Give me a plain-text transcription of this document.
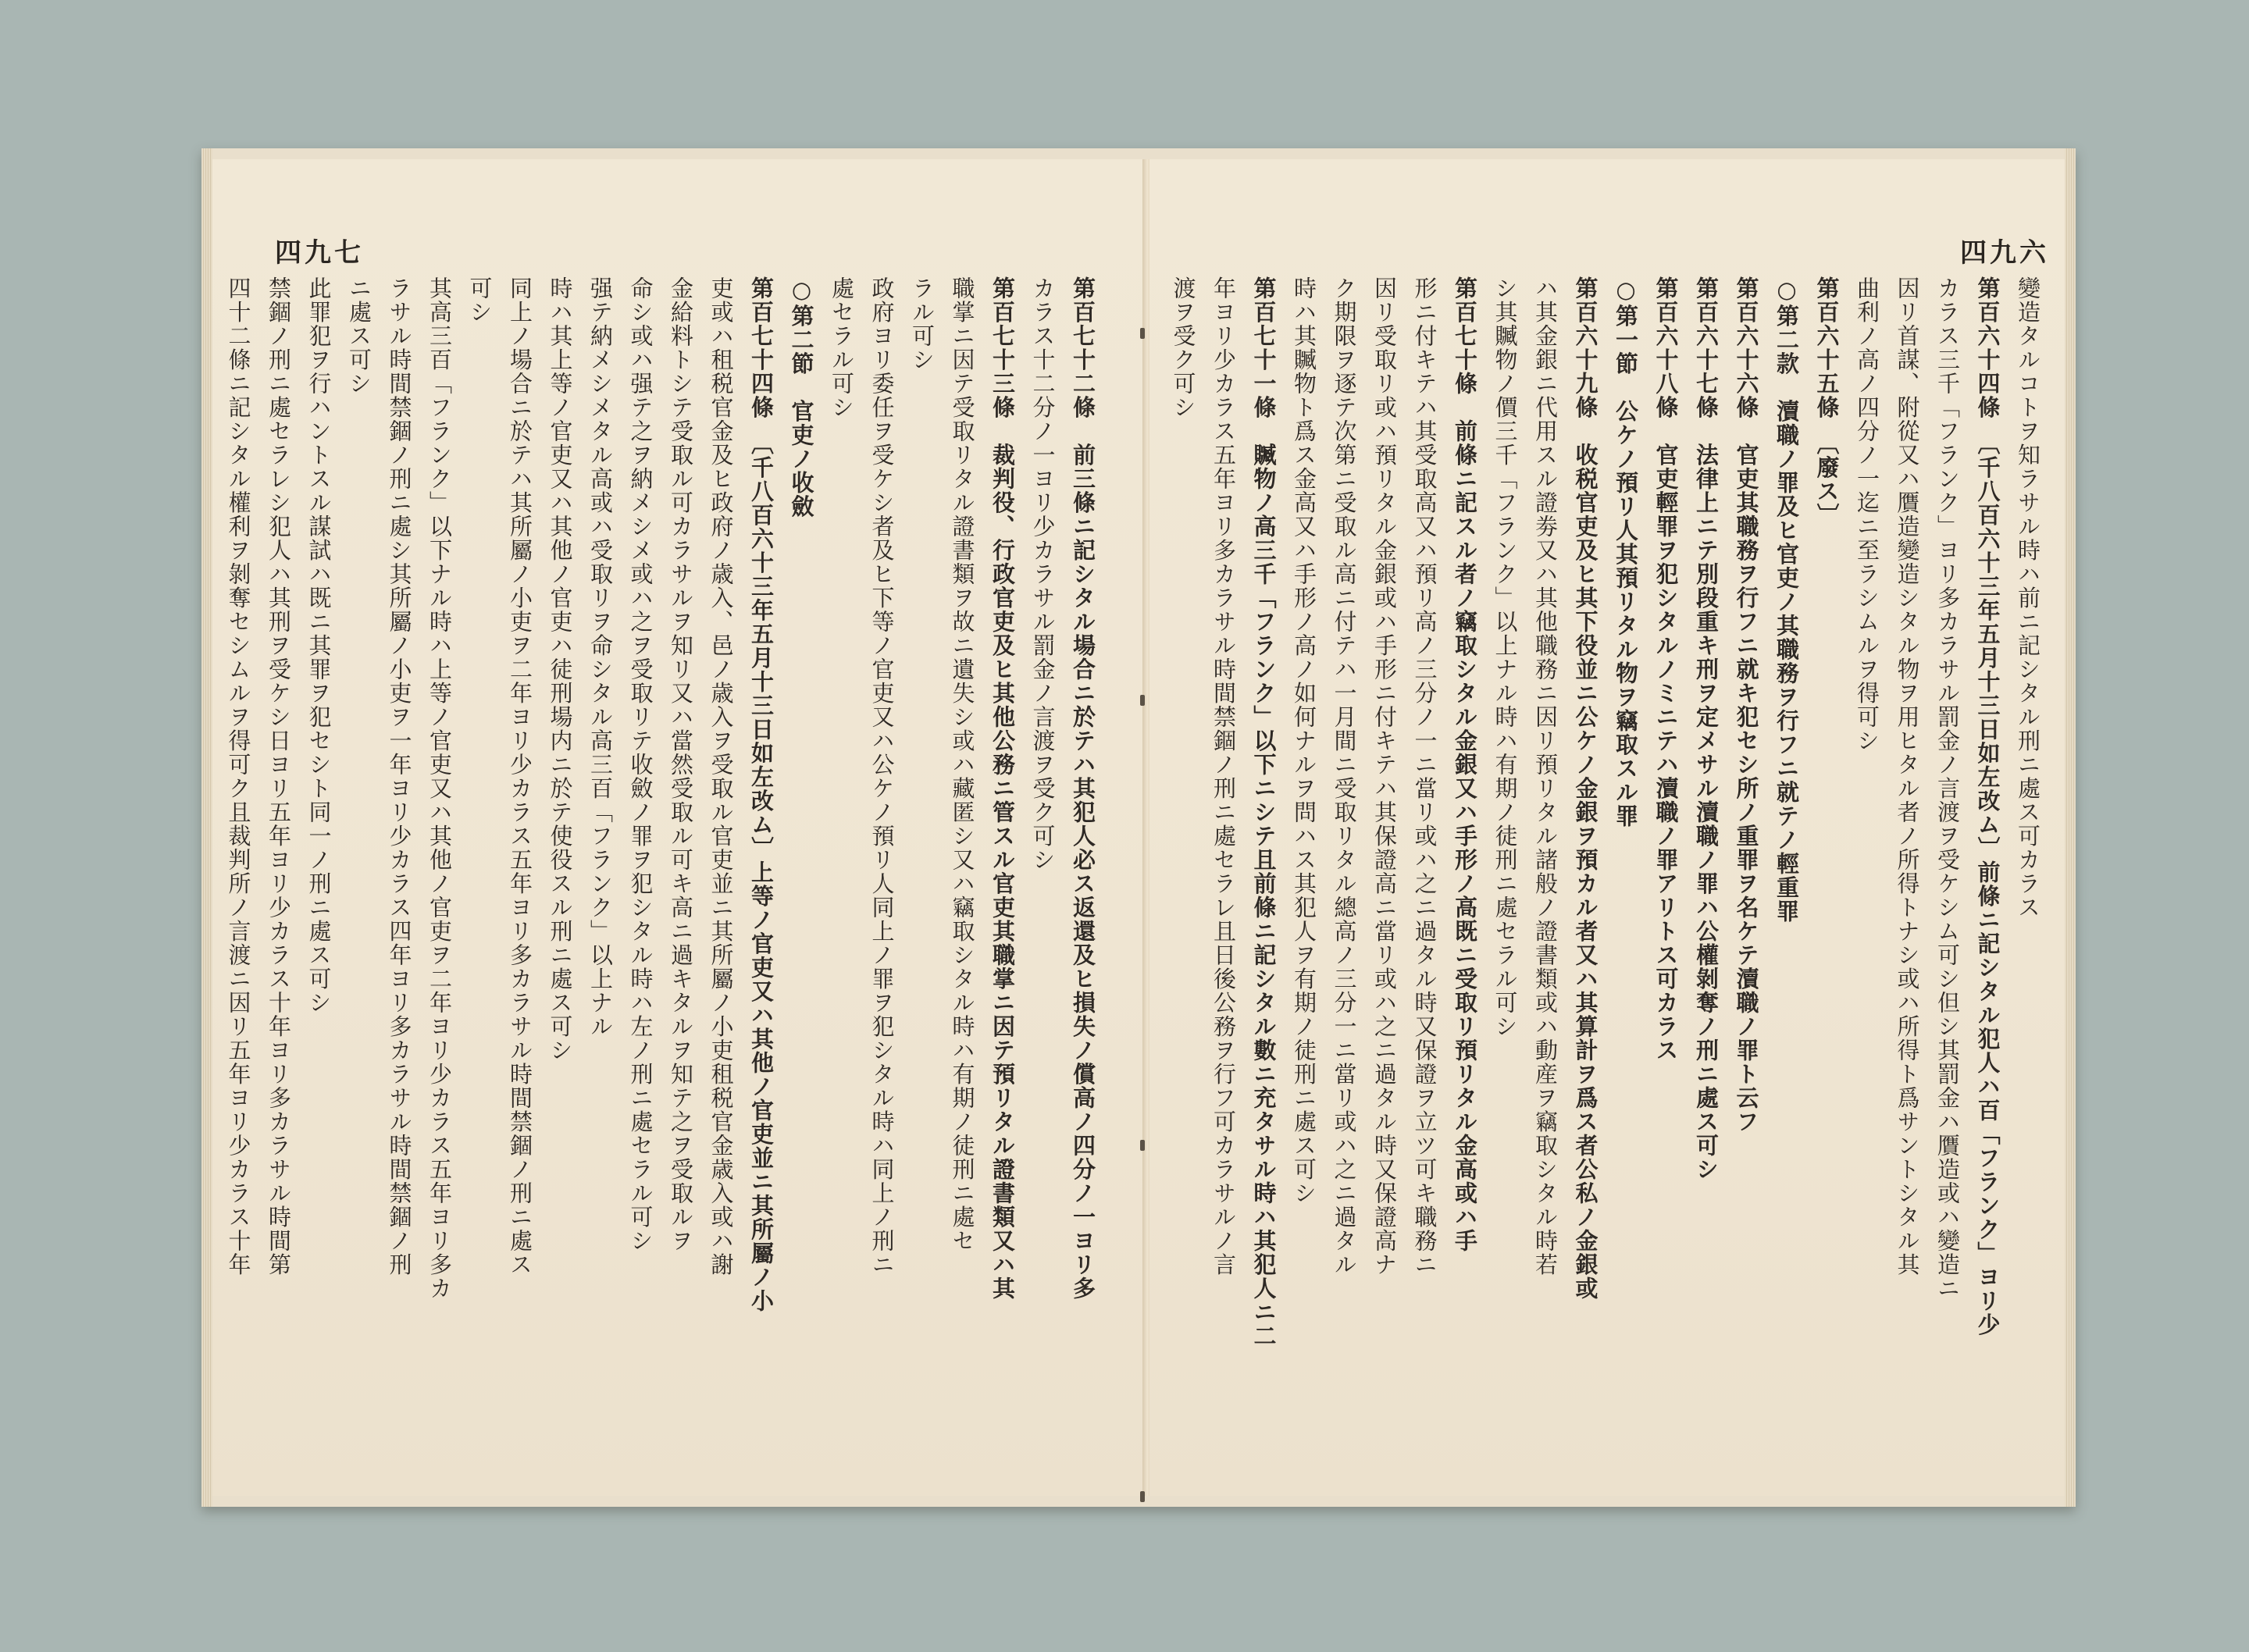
四九七
第百七十二條　前三條ニ記シタル場合ニ於テハ其犯人必ス返還及ヒ損失ノ償高ノ四分ノ一ヨリ多
カラス十二分ノ一ヨリ少カラサル罰金ノ言渡ヲ受ク可シ
第百七十三條　裁判役、行政官吏及ヒ其他公務ニ管スル官吏其職掌ニ因テ預リタル證書類又ハ其
職掌ニ因テ受取リタル證書類ヲ故ニ遺失シ或ハ藏匿シ又ハ竊取シタル時ハ有期ノ徒刑ニ處セ
ラル可シ
政府ヨリ委任ヲ受ケシ者及ヒ下等ノ官吏又ハ公ケノ預リ人同上ノ罪ヲ犯シタル時ハ同上ノ刑ニ
處セラル可シ
○第二節　官吏ノ收斂
第百七十四條　〔千八百六十三年五月十三日如左改ム〕上等ノ官吏又ハ其他ノ官吏並ニ其所屬ノ小
吏或ハ租税官金及ヒ政府ノ歳入、邑ノ歳入ヲ受取ル官吏並ニ其所屬ノ小吏租税官金歳入或ハ謝
金給料トシテ受取ル可カラサルヲ知リ又ハ當然受取ル可キ高ニ過キタルヲ知テ之ヲ受取ルヲ
命シ或ハ强テ之ヲ納メシメ或ハ之ヲ受取リテ收斂ノ罪ヲ犯シタル時ハ左ノ刑ニ處セラル可シ
强テ納メシメタル高或ハ受取リヲ命シタル高三百「フランク」以上ナル
時ハ其上等ノ官吏又ハ其他ノ官吏ハ徒刑場内ニ於テ使役スル刑ニ處ス可シ
同上ノ場合ニ於テハ其所屬ノ小吏ヲ二年ヨリ少カラス五年ヨリ多カラサル時間禁錮ノ刑ニ處ス
可シ
其高三百「フランク」以下ナル時ハ上等ノ官吏又ハ其他ノ官吏ヲ二年ヨリ少カラス五年ヨリ多カ
ラサル時間禁錮ノ刑ニ處シ其所屬ノ小吏ヲ一年ヨリ少カラス四年ヨリ多カラサル時間禁錮ノ刑
ニ處ス可シ
此罪犯ヲ行ハントスル謀試ハ既ニ其罪ヲ犯セシト同一ノ刑ニ處ス可シ
禁錮ノ刑ニ處セラレシ犯人ハ其刑ヲ受ケシ日ヨリ五年ヨリ少カラス十年ヨリ多カラサル時間第
四十二條ニ記シタル權利ヲ剝奪セシムルヲ得可ク且裁判所ノ言渡ニ因リ五年ヨリ少カラス十年
四九六
變造タルコトヲ知ラサル時ハ前ニ記シタル刑ニ處ス可カラス
第百六十四條　〔千八百六十三年五月十三日如左改ム〕前條ニ記シタル犯人ハ百「フランク」ヨリ少
カラス三千「フランク」ヨリ多カラサル罰金ノ言渡ヲ受ケシム可シ但シ其罰金ハ贋造或ハ變造ニ
因リ首謀、附從又ハ贋造變造シタル物ヲ用ヒタル者ノ所得トナシ或ハ所得ト爲サントシタル其
曲利ノ高ノ四分ノ一迄ニ至ラシムルヲ得可シ
第百六十五條　〔廢ス〕
○第二款　瀆職ノ罪及ヒ官吏ノ其職務ヲ行フニ就テノ輕重罪
第百六十六條　官吏其職務ヲ行フニ就キ犯セシ所ノ重罪ヲ名ケテ瀆職ノ罪ト云フ
第百六十七條　法律上ニテ別段重キ刑ヲ定メサル瀆職ノ罪ハ公權剝奪ノ刑ニ處ス可シ
第百六十八條　官吏輕罪ヲ犯シタルノミニテハ瀆職ノ罪アリトス可カラス
○第一節　公ケノ預リ人其預リタル物ヲ竊取スル罪
第百六十九條　收税官吏及ヒ其下役並ニ公ケノ金銀ヲ預カル者又ハ其算計ヲ爲ス者公私ノ金銀或
ハ其金銀ニ代用スル證劵又ハ其他職務ニ因リ預リタル諸般ノ證書類或ハ動産ヲ竊取シタル時若
シ其贓物ノ價三千「フランク」以上ナル時ハ有期ノ徒刑ニ處セラル可シ
第百七十條　前條ニ記スル者ノ竊取シタル金銀又ハ手形ノ高既ニ受取リ預リタル金高或ハ手
形ニ付キテハ其受取高又ハ預リ高ノ三分ノ一ニ當リ或ハ之ニ過タル時又保證ヲ立ツ可キ職務ニ
因リ受取リ或ハ預リタル金銀或ハ手形ニ付キテハ其保證高ニ當リ或ハ之ニ過タル時又保證高ナ
ク期限ヲ逐テ次第ニ受取ル高ニ付テハ一月間ニ受取リタル總高ノ三分一ニ當リ或ハ之ニ過タル
時ハ其贓物ト爲ス金高又ハ手形ノ高ノ如何ナルヲ問ハス其犯人ヲ有期ノ徒刑ニ處ス可シ
第百七十一條　贓物ノ高三千「フランク」以下ニシテ且前條ニ記シタル數ニ充タサル時ハ其犯人ニ二
年ヨリ少カラス五年ヨリ多カラサル時間禁錮ノ刑ニ處セラレ且日後公務ヲ行フ可カラサルノ言
渡ヲ受ク可シ
